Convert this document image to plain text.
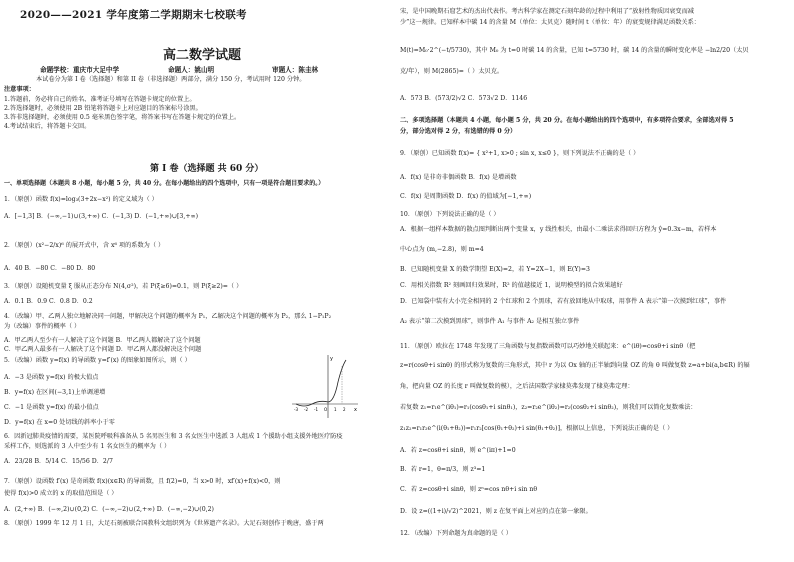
2020——2021 学年度第二学期期末七校联考
高二数学试题
命题学校：重庆市大足中学	命题人：姚山明	审题人：陈圭林
本试卷分为第 I 卷（选择题）和第 II 卷（非选择题）两部分，满分 150 分，考试用时 120 分钟。
注意事项：
1.答题前，务必将自己的姓名、准考证号填写在答题卡规定的位置上。
2.答选择题时，必须使用 2B 铅笔将答题卡上对应题目的答案标号涂黑。
3.答非选择题时，必须使用 0.5 毫米黑色签字笔，将答案书写在答题卡规定的位置上。
4.考试结束后，将答题卡交回。
第 I 卷（选择题 共 60 分）
一、单项选择题（本题共 8 小题，每小题 5 分，共 40 分。在每小题给出的四个选项中，只有一项是符合题目要求的。）
1．（原创）函数 f(x)=log₃(3+2x−x²) 的定义域为（ ）
A．[−1,3] B．(−∞,−1)∪(3,+∞) C．(−1,3) D．(−1,+∞)∪[3,+∞)
2．（原创）(x²−2/x)⁶ 的展开式中，含 x⁶ 项的系数为（ ）
A．40 B．−80 C．−80 D．80
3．（原创）设随机变量 ξ 服从正态分布 N(4,σ²)，若 P(ξ≥6)=0.1，则 P(ξ≥2)=（ ）
A．0.1 B．0.9 C．0.8 D．0.2
4．（改编）甲、乙两人独立地解决同一问题，甲解决这个问题的概率为 P₁，乙解决这个问题的概率为 P₂，那么 1−P₁P₂
为（改编）事件的概率（ ）
A．甲乙两人至少有一人解决了这个问题 B．甲乙两人都解决了这个问题
C．甲乙两人最多有一人解决了这个问题 D．甲乙两人都没解决这个问题
5．（改编）函数 y=f(x) 的导函数 y=f′(x) 的图象如图所示，则（ ）
A．−3 是函数 y=f(x) 的极大值点
B．y=f(x) 在区间(−3,1)上单调递增
C．−1 是函数 y=f(x) 的最小值点
D．y=f(x) 在 x=0 处切线的斜率小于零
6．因新冠肺炎疫情的需要，某医院呼吸科准备从 5 名男医生和 3 名女医生中选派 3 人组成 1 个援助小组支援外地医疗防疫
采样工作，则选派的 3 人中至少有 1 名女医生的概率为（ ）
A．23/28 B．5/14 C．15/56 D．2/7
7．（原创）设函数 f′(x) 是奇函数 f(x)(x∈R) 的导函数，且 f(2)=0，当 x>0 时，xf′(x)+f(x)<0，则
使得 f(x)>0 成立的 x 的取值范围是（ ）
A．(2,+∞) B．(−∞,2)∪(0,2) C．(−∞,−2)∪(2,+∞) D．(−∞,−2)∪(0,2)
8．（原创）1999 年 12 月 1 日，大足石刻被联合国教科文组织列为《世界遗产名录》。大足石刻创作于晚唐，盛于两
y
x
-3 -2 -1 O 1 2
宋，是中国晚期石窟艺术的杰出代表作。考古科学家在测定石刻年龄的过程中利用了“放射性物质因衰变而减
少”这一规律。已知样本中碳 14 的含量 M（单位：太贝克）随时间 t（单位：年）的衰变规律满足函数关系：
M(t)=M₀·2^(−t/5730)，其中 M₀ 为 t=0 时碳 14 的含量，已知 t=5730 时，碳 14 的含量的瞬时变化率是 −ln2/20（太贝
克/年），则 M(2865)=（ ）太贝克。
A．573 B．(573/2)√2 C．573√2 D．1146
二、多项选择题（本题共 4 小题，每小题 5 分，共 20 分。在每小题给出的四个选项中，有多项符合要求，全部选对得 5
分，部分选对得 2 分，有选错的得 0 分）
9．（原创）已知函数 f(x)= { x²+1, x>0 ; sin x, x≤0 }，则下列说法不正确的是（ ）
A．f(x) 是非奇非偶函数 B．f(x) 是增函数
C．f(x) 是周期函数 D．f(x) 的值域为[−1,+∞)
10．（原创）下列说法正确的是（ ）
A．根据一组样本数据的散点图判断出两个变量 x，y 线性相关，由最小二乘法求得回归方程为 ŷ=0.3x−m，若样本
中心点为 (m,−2.8)，则 m=4
B．已知随机变量 X 的数学期望 E(X)=2，若 Y=2X−1，则 E(Y)=3
C．用相关指数 R² 刻画回归效果时，R² 的值越接近 1，说明模型的拟合效果越好
D．已知袋中装有大小完全相同的 2 个红球和 2 个黑球，若有放回地从中取球，用事件 A 表示“第一次摸到红球”，事件
A₂ 表示“第二次摸到黑球”，则事件 A₁ 与事件 A₂ 是相互独立事件
11．（原创）欧拉在 1748 年发现了三角函数与复指数函数可以巧妙地关联起来：e^(iθ)=cosθ+i sinθ（把
z=r(cosθ+i sinθ) 的形式称为复数的三角形式，其中 r 为以 Ox 轴的正半轴到向量 OZ 的角 θ 叫做复数 z=a+bi(a,b∈R) 的辐
角，把向量 OZ 的长度 r 叫做复数的模），之后法国数学家棣莫弗发现了棣莫弗定理：
若复数 z₁=r₁e^(iθ₁)=r₁(cosθ₁+i sinθ₁)，z₂=r₂e^(iθ₂)=r₂(cosθ₂+i sinθ₂)，则我们可以简化复数乘法：
z₁z₂=r₁r₂e^(i(θ₁+θ₂))=r₁r₂[cos(θ₁+θ₂)+i sin(θ₁+θ₂)]，根据以上信息，下列说法正确的是（ ）
A．若 z=cosθ+i sinθ，则 e^(iπ)+1=0
B．若 r=1，θ=π/3，则 z³=1
C．若 z=cosθ+i sinθ，则 zⁿ=cos nθ+i sin nθ
D．设 z=((1+i)/√2)^2021，则 z 在复平面上对应的点在第一象限。
12．（改编）下列命题为真命题的是（ ）
